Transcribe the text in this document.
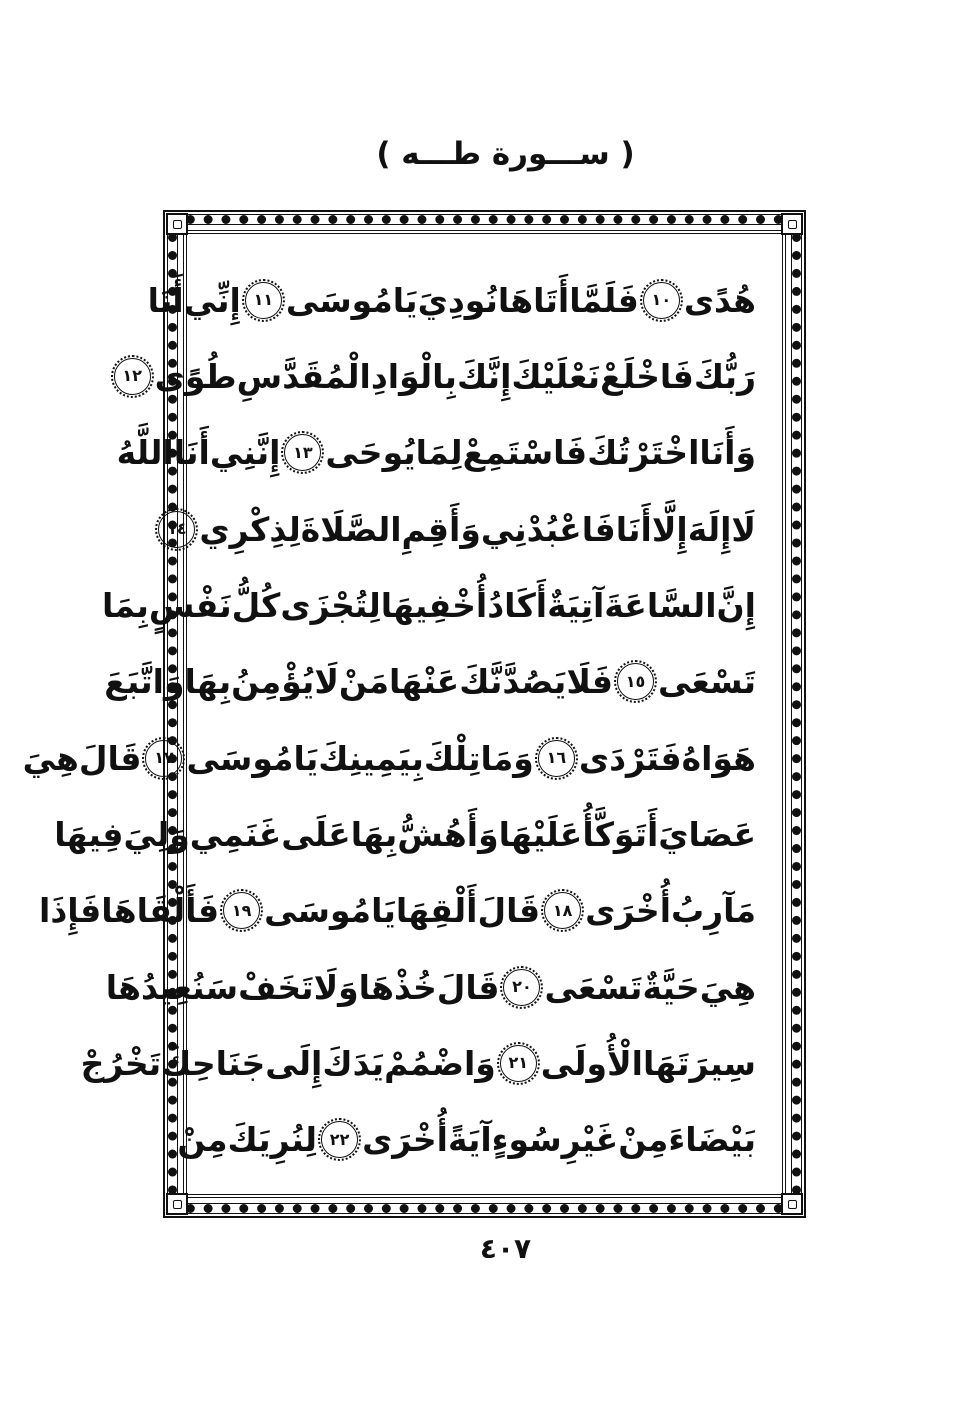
( ســـورة طـــه )
هُدًى
١٠
فَلَمَّا
أَتَاهَا
نُودِيَ
يَامُوسَى
١١
إِنِّي
أَنَا
رَبُّكَ
فَاخْلَعْ
نَعْلَيْكَ
إِنَّكَ
بِالْوَادِ
الْمُقَدَّسِ
طُوًى
١٢
وَأَنَا
اخْتَرْتُكَ
فَاسْتَمِعْ
لِمَا
يُوحَى
١٣
إِنَّنِي
أَنَا
اللَّهُ
لَا
إِلَهَ
إِلَّا
أَنَا
فَاعْبُدْنِي
وَأَقِمِ
الصَّلَاةَ
لِذِكْرِي
١٤
إِنَّ
السَّاعَةَ
آتِيَةٌ
أَكَادُ
أُخْفِيهَا
لِتُجْزَى
كُلُّ
نَفْسٍ
بِمَا
تَسْعَى
١٥
فَلَا
يَصُدَّنَّكَ
عَنْهَا
مَنْ
لَا
يُؤْمِنُ
بِهَا
وَاتَّبَعَ
هَوَاهُ
فَتَرْدَى
١٦
وَمَا
تِلْكَ
بِيَمِينِكَ
يَامُوسَى
١٧
قَالَ
هِيَ
عَصَايَ
أَتَوَكَّأُ
عَلَيْهَا
وَأَهُشُّ
بِهَا
عَلَى
غَنَمِي
وَلِيَ
فِيهَا
مَآرِبُ
أُخْرَى
١٨
قَالَ
أَلْقِهَا
يَامُوسَى
١٩
فَأَلْقَاهَا
فَإِذَا
هِيَ
حَيَّةٌ
تَسْعَى
٢٠
قَالَ
خُذْهَا
وَلَا
تَخَفْ
سَنُعِيدُهَا
سِيرَتَهَا
الْأُولَى
٢١
وَاضْمُمْ
يَدَكَ
إِلَى
جَنَاحِكَ
تَخْرُجْ
بَيْضَاءَ
مِنْ
غَيْرِ
سُوءٍ
آيَةً
أُخْرَى
٢٢
لِنُرِيَكَ
مِنْ
٤٠٧
